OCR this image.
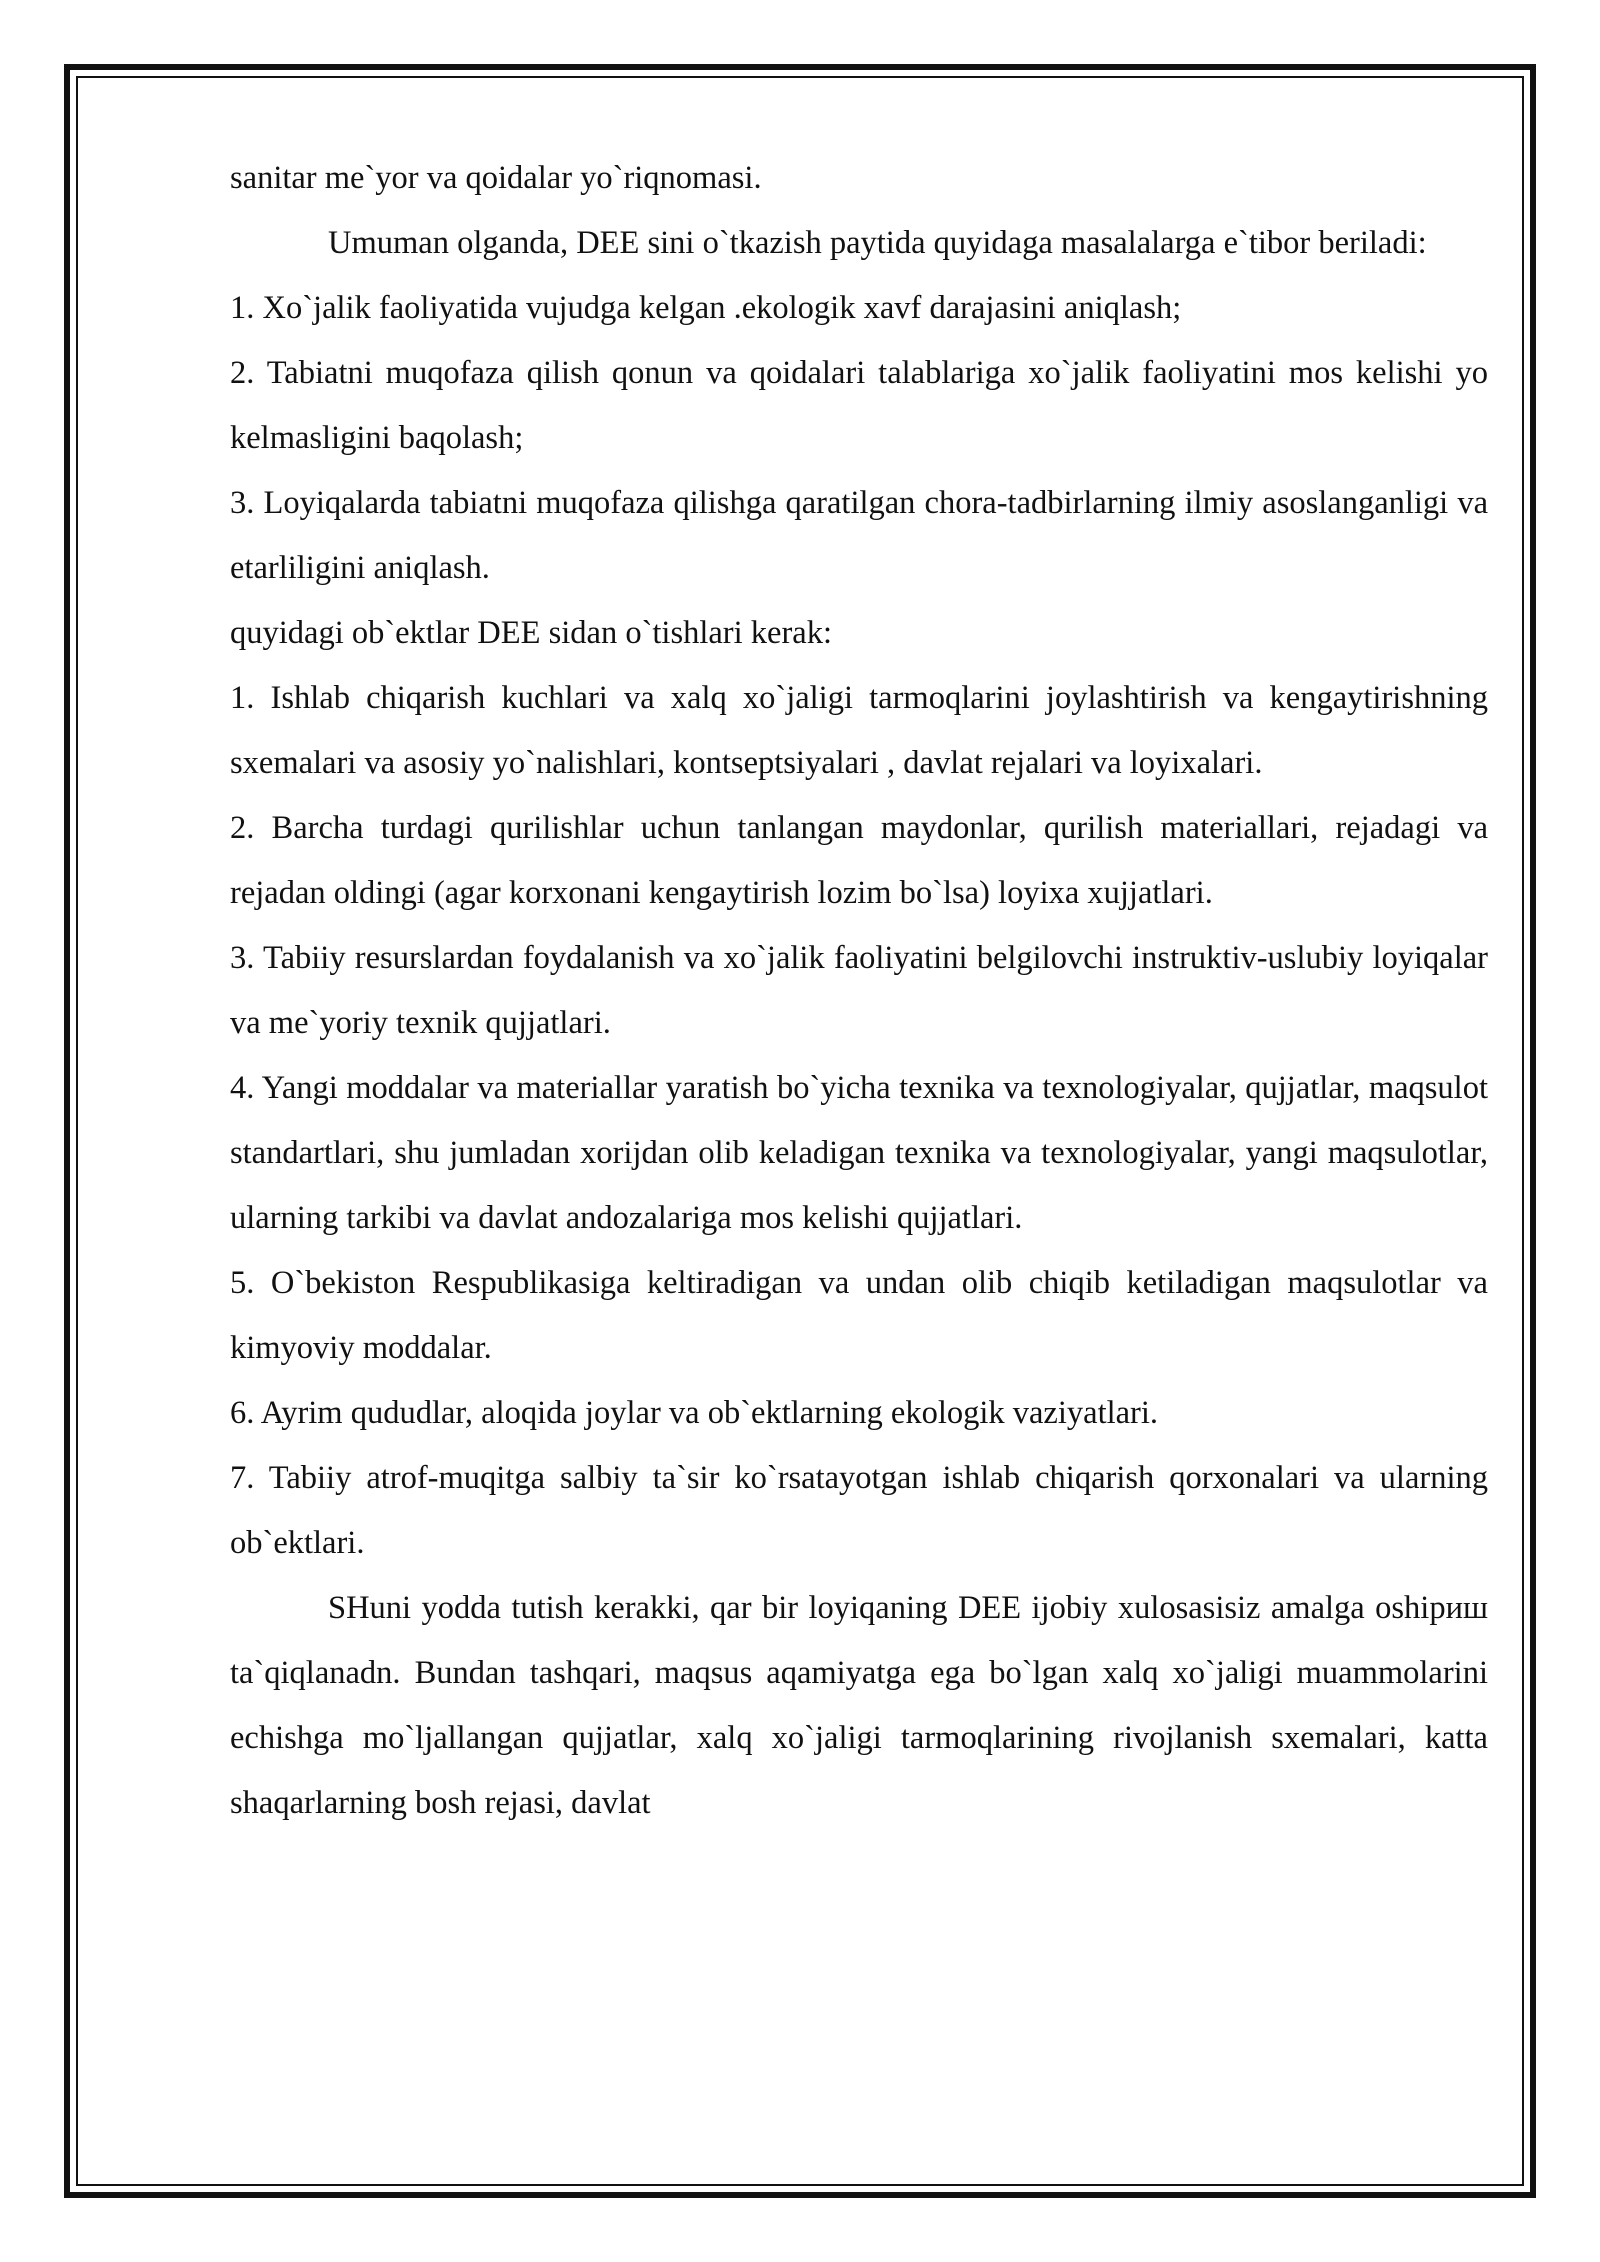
sanitar me`yor va qoidalar yo`riqnomasi.

Umuman olganda, DEE sini o`tkazish paytida quyidaga masalalarga e`tibor beriladi:

1. Xo`jalik faoliyatida vujudga kelgan .ekologik xavf darajasini aniqlash;

2. Tabiatni muqofaza qilish qonun va qoidalari talablariga xo`jalik faoliyatini mos kelishi yo kelmasligini baqolash;

3. Loyiqalarda tabiatni muqofaza qilishga qaratilgan chora-tadbirlarning ilmiy asoslanganligi va etarliligini aniqlash.

quyidagi ob`ektlar DEE sidan o`tishlari kerak:

1. Ishlab chiqarish kuchlari va xalq xo`jaligi tarmoqlarini joylashtirish va kengaytirishning sxemalari va asosiy yo`nalishlari, kontseptsiyalari , davlat rejalari va loyixalari.

2. Barcha turdagi qurilishlar uchun tanlangan maydonlar, qurilish materiallari, rejadagi va rejadan oldingi (agar korxonani kengaytirish lozim bo`lsa) loyixa xujjatlari.

3. Tabiiy resurslardan foydalanish va xo`jalik faoliyatini belgilovchi instruktiv-uslubiy loyiqalar va me`yoriy texnik qujjatlari.

4. Yangi moddalar va materiallar yaratish bo`yicha texnika va texnologiyalar, qujjatlar, maqsulot standartlari, shu jumladan xorijdan olib keladigan texnika va texnologiyalar, yangi maqsulotlar, ularning tarkibi va davlat andozalariga mos kelishi qujjatlari.

5. O`bekiston Respublikasiga keltiradigan va undan olib chiqib ketiladigan maqsulotlar va kimyoviy moddalar.

6. Ayrim qududlar, aloqida joylar va ob`ektlarning ekologik vaziyatlari.

7. Tabiiy atrof-muqitga salbiy ta`sir ko`rsatayotgan ishlab chiqarish qorxonalari va ularning ob`ektlari.

SHuni yodda tutish kerakki, qar bir loyiqaning DEE ijobiy xulosasisiz amalga oshiриш ta`qiqlanadn. Bundan tashqari, maqsus aqamiyatga ega bo`lgan xalq xo`jaligi muammolarini echishga mo`ljallangan qujjatlar, xalq xo`jaligi tarmoqlarining rivojlanish sxemalari, katta shaqarlarning bosh rejasi, davlat
